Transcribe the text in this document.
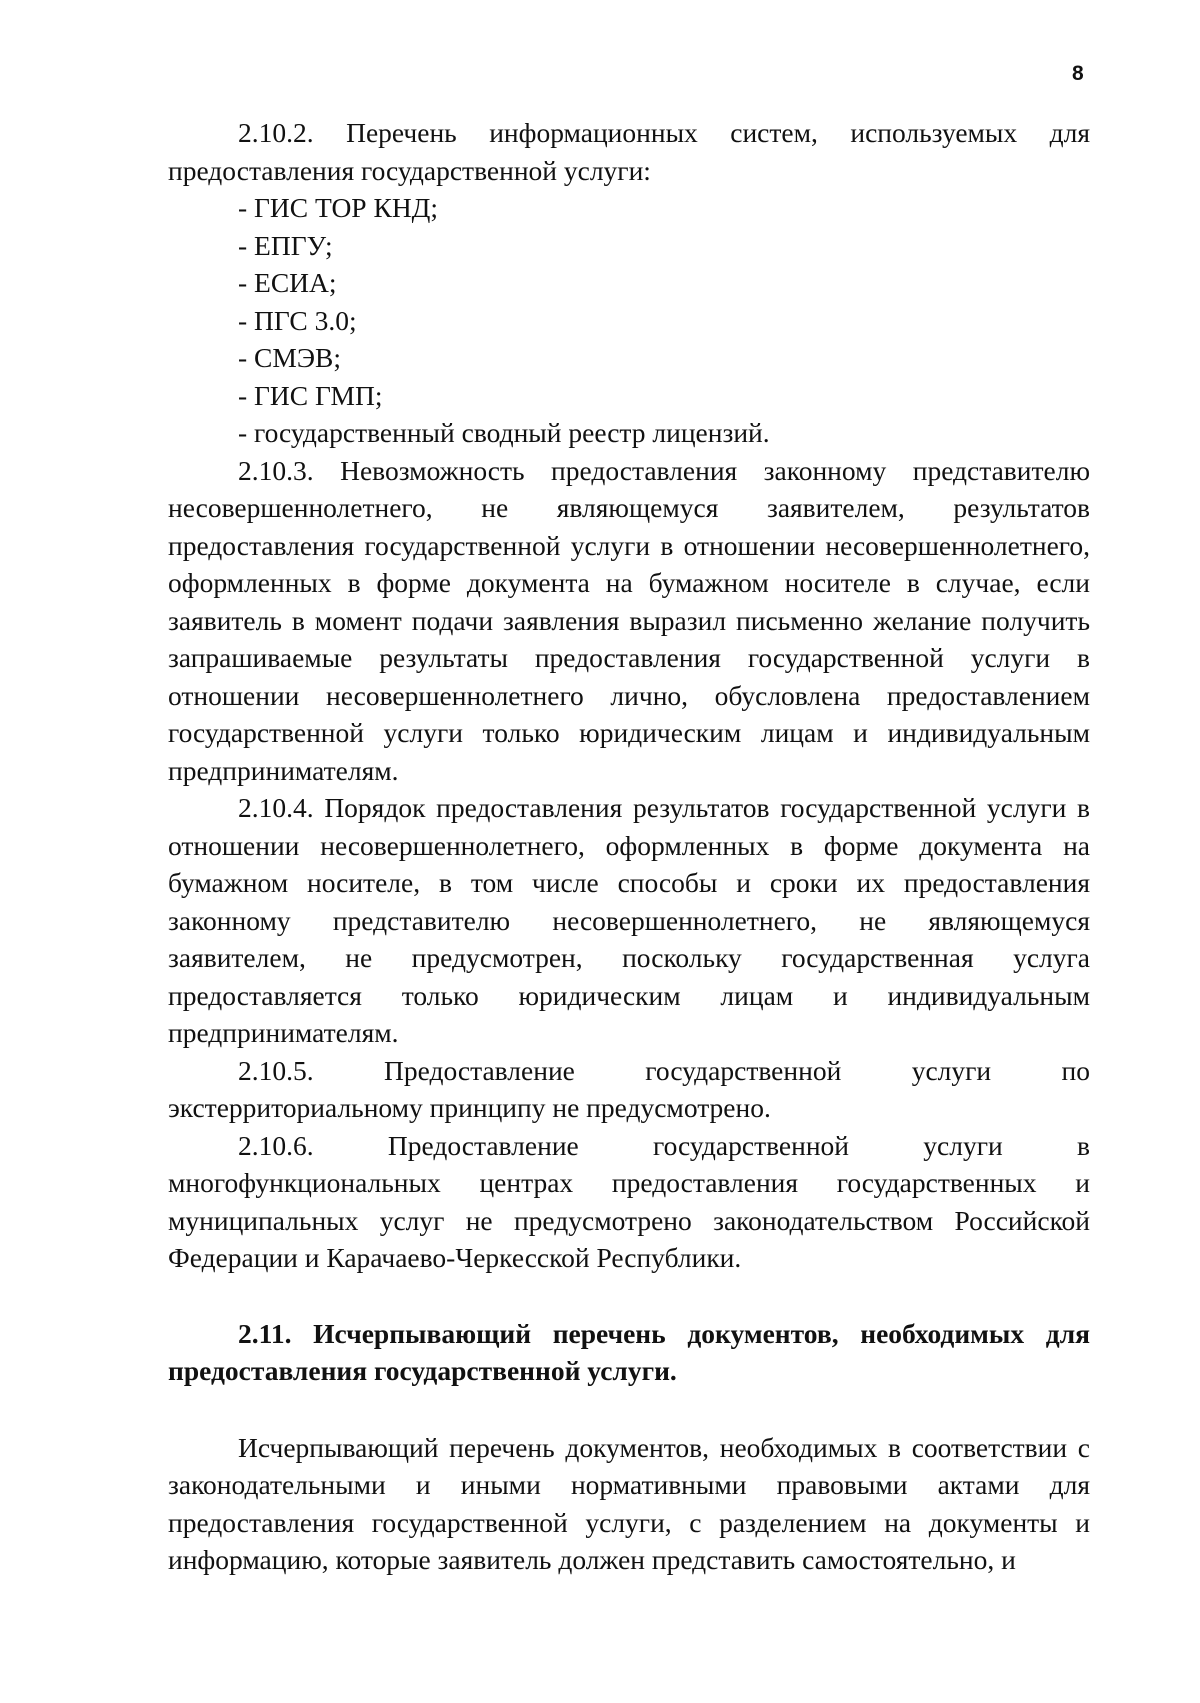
8

2.10.2. Перечень информационных систем, используемых для предоставления государственной услуги:

- ГИС ТОР КНД;

- ЕПГУ;

- ЕСИА;

- ПГС 3.0;

- СМЭВ;

- ГИС ГМП;

- государственный сводный реестр лицензий.

2.10.3. Невозможность предоставления законному представителю несовершеннолетнего, не являющемуся заявителем, результатов предоставления государственной услуги в отношении несовершеннолетнего, оформленных в форме документа на бумажном носителе в случае, если заявитель в момент подачи заявления выразил письменно желание получить запрашиваемые результаты предоставления государственной услуги в отношении несовершеннолетнего лично, обусловлена предоставлением государственной услуги только юридическим лицам и индивидуальным предпринимателям.

2.10.4. Порядок предоставления результатов государственной услуги в отношении несовершеннолетнего, оформленных в форме документа на бумажном носителе, в том числе способы и сроки их предоставления законному представителю несовершеннолетнего, не являющемуся заявителем, не предусмотрен, поскольку государственная услуга предоставляется только юридическим лицам и индивидуальным предпринимателям.

2.10.5. Предоставление государственной услуги по экстерриториальному принципу не предусмотрено.

2.10.6. Предоставление государственной услуги в многофункциональных центрах предоставления государственных и муниципальных услуг не предусмотрено законодательством Российской Федерации и Карачаево-Черкесской Республики.

2.11. Исчерпывающий перечень документов, необходимых для предоставления государственной услуги.

Исчерпывающий перечень документов, необходимых в соответствии с законодательными и иными нормативными правовыми актами для предоставления государственной услуги, с разделением на документы и информацию, которые заявитель должен представить самостоятельно, и
